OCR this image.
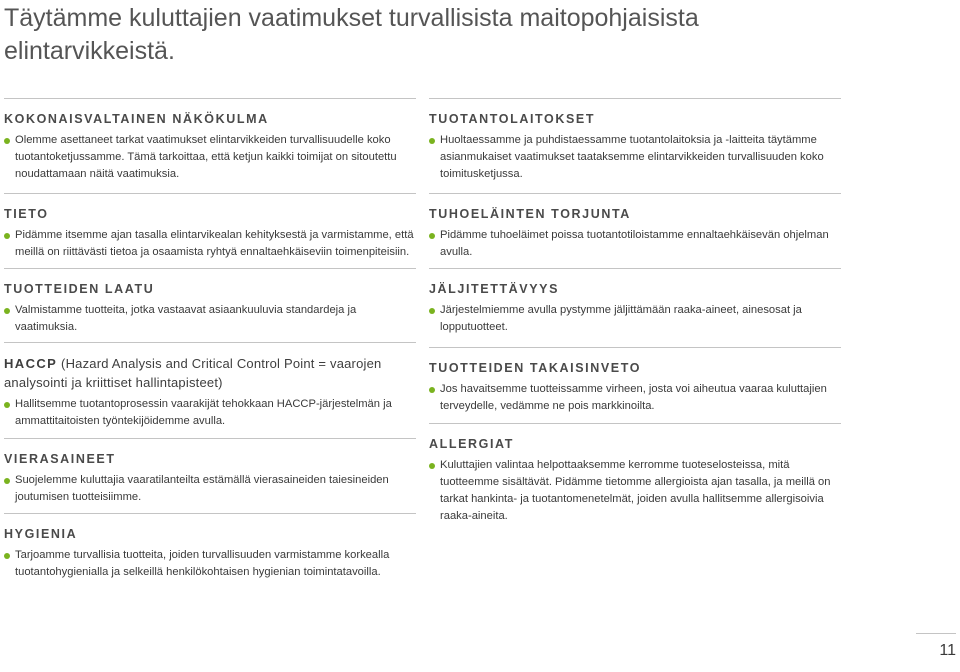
Täytämme kuluttajien vaatimukset turvallisista maitopohjaisista elintarvikkeistä.
KOKONAISVALTAINEN NÄKÖKULMA
Olemme asettaneet tarkat vaatimukset elintarvikkeiden turvallisuudelle koko tuotantoketjussamme. Tämä tarkoittaa, että ketjun kaikki toimijat on sitoutettu noudattamaan näitä vaatimuksia.
TIETO
Pidämme itsemme ajan tasalla elintarvikealan kehityksestä ja varmistamme, että meillä on riittävästi tietoa ja osaamista ryhtyä ennaltaehkäiseviin toimenpiteisiin.
TUOTTEIDEN LAATU
Valmistamme tuotteita, jotka vastaavat asiaankuuluvia standardeja ja vaatimuksia.
HACCP (Hazard Analysis and Critical Control Point = vaarojen analysointi ja kriittiset hallintapisteet)
Hallitsemme tuotantoprosessin vaarakijät tehokkaan HACCP-järjestelmän ja ammattitaitoisten työntekijöidemme avulla.
VIERASAINEET
Suojelemme kuluttajia vaaratilanteilta estämällä vierasaineiden taiesineiden joutumisen tuotteisiimme.
HYGIENIA
Tarjoamme turvallisia tuotteita, joiden turvallisuuden varmistamme korkealla tuotantohygienialla ja selkeillä henkilökohtaisen hygienian toimintatavoilla.
TUOTANTOLAITOKSET
Huoltaessamme ja puhdistaessamme tuotantolaitoksia ja -laitteita täytämme asianmukaiset vaatimukset taataksemme elintarvikkeiden turvallisuuden koko toimitusketjussa.
TUHOELÄINTEN TORJUNTA
Pidämme tuhoeläimet poissa tuotantotiloistamme ennaltaehkäisevän ohjelman avulla.
JÄLJITETTÄVYYS
Järjestelmiemme avulla pystymme jäljittämään raaka-aineet, ainesosat ja lopputuotteet.
TUOTTEIDEN TAKAISINVETO
Jos havaitsemme tuotteissamme virheen, josta voi aiheutua vaaraa kuluttajien terveydelle, vedämme ne pois markkinoilta.
ALLERGIAT
Kuluttajien valintaa helpottaaksemme kerromme tuoteselosteissa, mitä tuotteemme sisältävät. Pidämme tietomme allergioista ajan tasalla, ja meillä on tarkat hankinta- ja tuotantomenetelmät, joiden avulla hallitsemme allergisoivia raaka-aineita.
11
